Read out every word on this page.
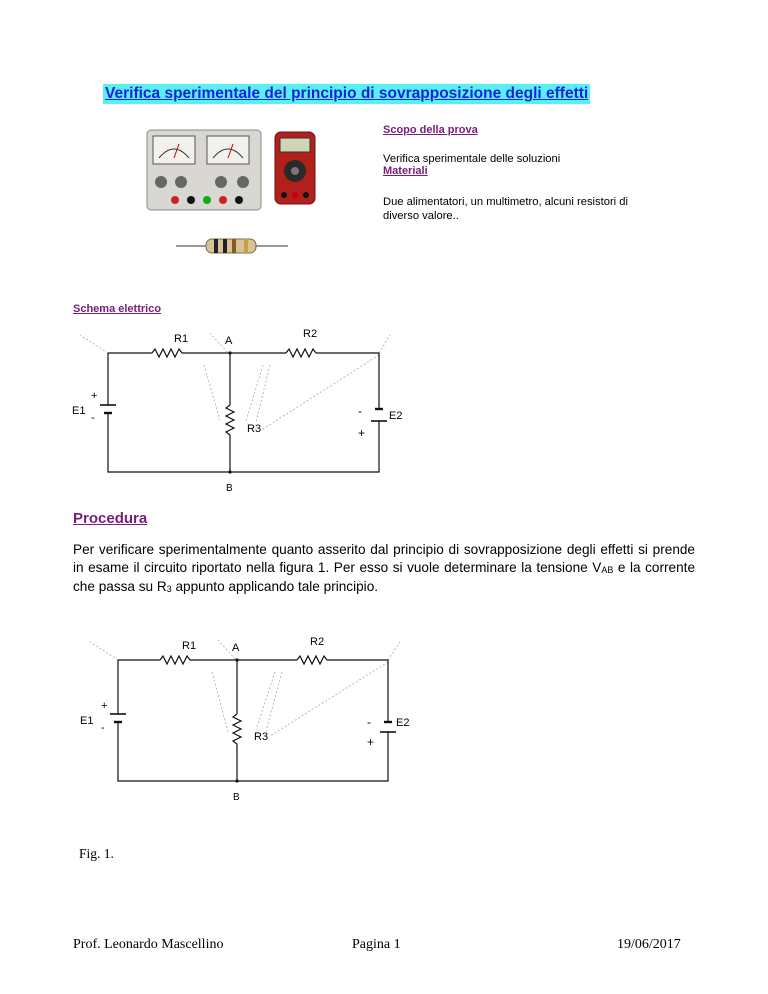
Verifica sperimentale del principio di sovrapposizione degli effetti
Scopo della prova
Verifica sperimentale delle soluzioni
Materiali
Due alimentatori, un multimetro, alcuni resistori di
diverso valore..
Schema elettrico
R1	A
R2
R3
B
E1
+
-	E2
-
+
Procedura
Per verificare sperimentalmente quanto asserito dal principio di sovrapposizione degli effetti si prende in esame il circuito riportato nella figura 1. Per esso si vuole determinare la tensione $V_{AB}$ e la corrente che passa su $R_3$ appunto applicando tale principio.
R1	A	R2
R3
B
E1
+
-	E2
-
+
Fig. 1.
Prof. Leonardo Mascellino	Pagina 1	19/06/2017
